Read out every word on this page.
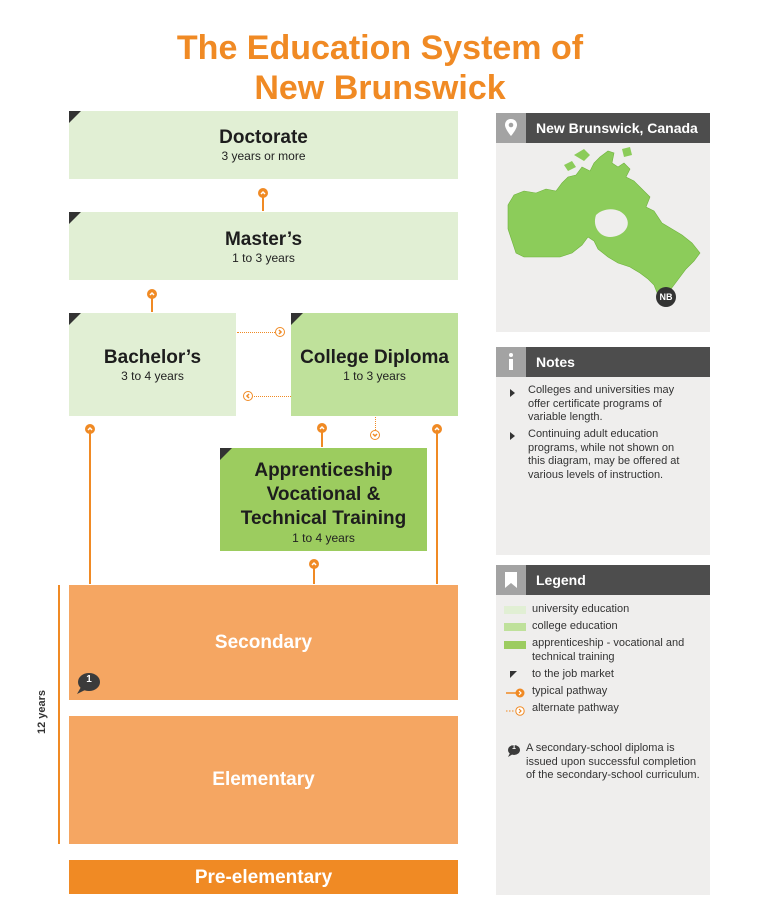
The Education System of
New Brunswick
Doctorate
3 years or more
Master’s
1 to 3 years
Bachelor’s
3 to 4 years
College Diploma
1 to 3 years
Apprenticeship
Vocational &
Technical Training
1 to 4 years
12 years
Secondary
1
Elementary
Pre-elementary
New Brunswick, Canada
NB
Notes
Colleges and universities may offer certificate programs of variable length.
Continuing adult education programs, while not shown on this diagram, may be offered at various levels of instruction.
Legend
university education
college education
apprenticeship - vocational and technical training
to the job market
typical pathway
alternate pathway
1 A secondary-school diploma is issued upon successful completion of the secondary-school curriculum.
